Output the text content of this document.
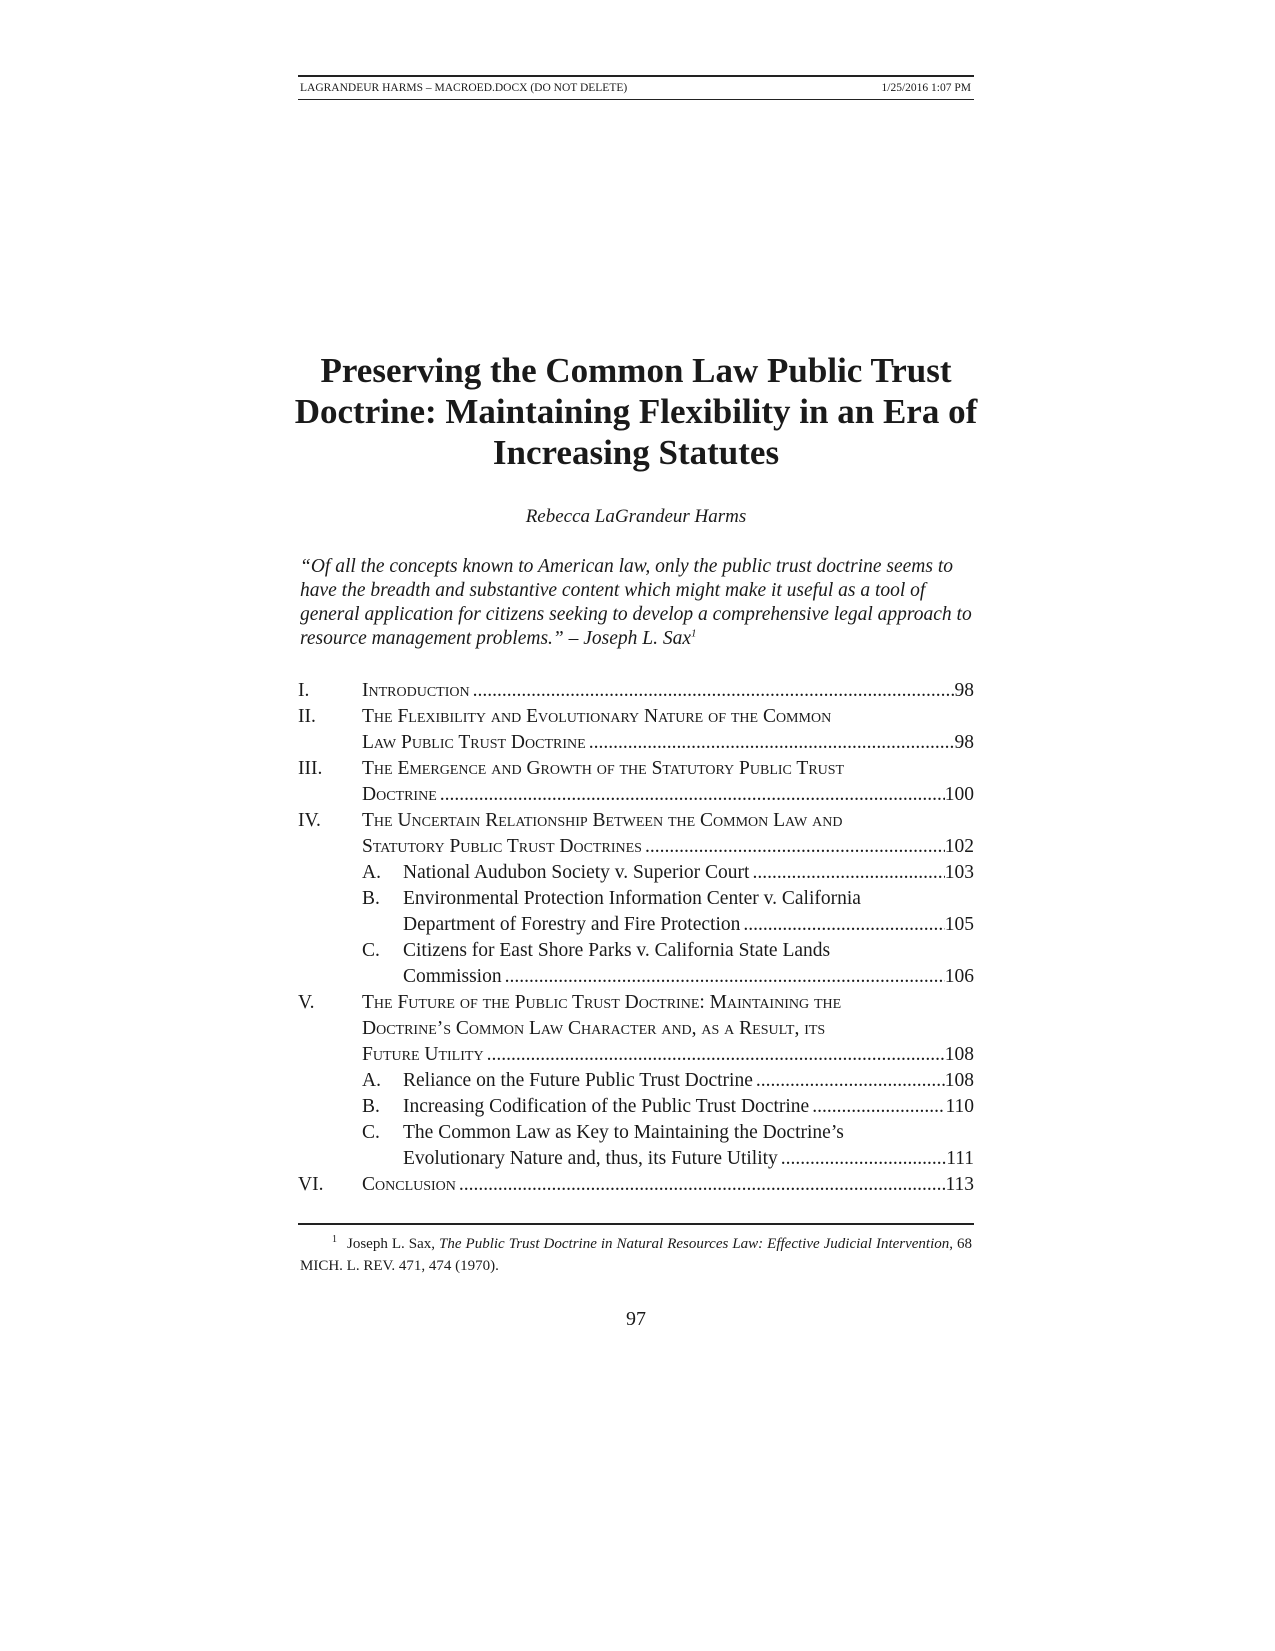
LAGRANDEUR HARMS – MACROED.DOCX (DO NOT DELETE)	1/25/2016 1:07 PM
Preserving the Common Law Public Trust Doctrine: Maintaining Flexibility in an Era of Increasing Statutes

Rebecca LaGrandeur Harms

“Of all the concepts known to American law, only the public trust doctrine seems to have the breadth and substantive content which might make it useful as a tool of general application for citizens seeking to develop a comprehensive legal approach to resource management problems.” – Joseph L. Sax$^1$

I.	Introduction .....	98
II. The Flexibility and Evolutionary Nature of the Common
Law Public Trust Doctrine .....	98
III. The Emergence and Growth of the Statutory Public Trust
Doctrine .....	100
IV. The Uncertain Relationship Between the Common Law and
Statutory Public Trust Doctrines .....	102
A. National Audubon Society v. Superior Court .....	103
B. Environmental Protection Information Center v. California
Department of Forestry and Fire Protection .....	105
C. Citizens for East Shore Parks v. California State Lands
Commission .....	106
V. The Future of the Public Trust Doctrine: Maintaining the
Doctrine’s Common Law Character and, as a Result, its
Future Utility .....	108
A. Reliance on the Future Public Trust Doctrine .....	108
B. Increasing Codification of the Public Trust Doctrine .....	110
C. The Common Law as Key to Maintaining the Doctrine’s
Evolutionary Nature and, thus, its Future Utility .....	111
VI. Conclusion .....	113

$^1$ Joseph L. Sax, The Public Trust Doctrine in Natural Resources Law: Effective Judicial Intervention, 68 MICH. L. REV. 471, 474 (1970).

97
